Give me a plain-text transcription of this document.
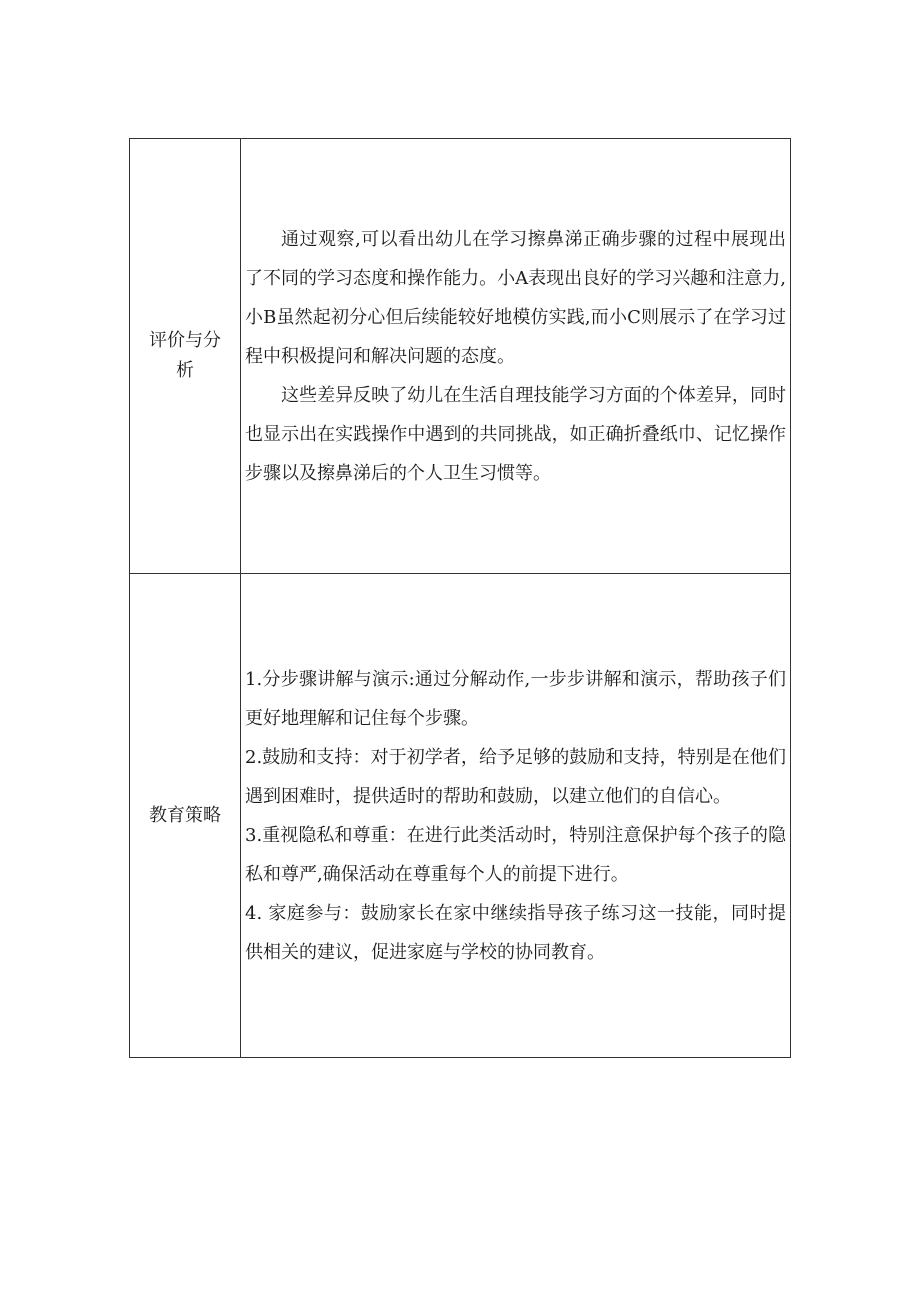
评价与分析	通过观察,可以看出幼儿在学习擦鼻涕正确步骤的过程中展现出了不同的学习态度和操作能力。小A表现出良好的学习兴趣和注意力,小B虽然起初分心但后续能较好地模仿实践,而小C则展示了在学习过程中积极提问和解决问题的态度。

这些差异反映了幼儿在生活自理技能学习方面的个体差异，同时也显示出在实践操作中遇到的共同挑战，如正确折叠纸巾、记忆操作步骤以及擦鼻涕后的个人卫生习惯等。

教育策略	1.分步骤讲解与演示:通过分解动作,一步步讲解和演示，帮助孩子们更好地理解和记住每个步骤。

2.鼓励和支持：对于初学者，给予足够的鼓励和支持，特别是在他们遇到困难时，提供适时的帮助和鼓励，以建立他们的自信心。

3.重视隐私和尊重：在进行此类活动时，特别注意保护每个孩子的隐私和尊严,确保活动在尊重每个人的前提下进行。

4. 家庭参与：鼓励家长在家中继续指导孩子练习这一技能，同时提供相关的建议，促进家庭与学校的协同教育。
